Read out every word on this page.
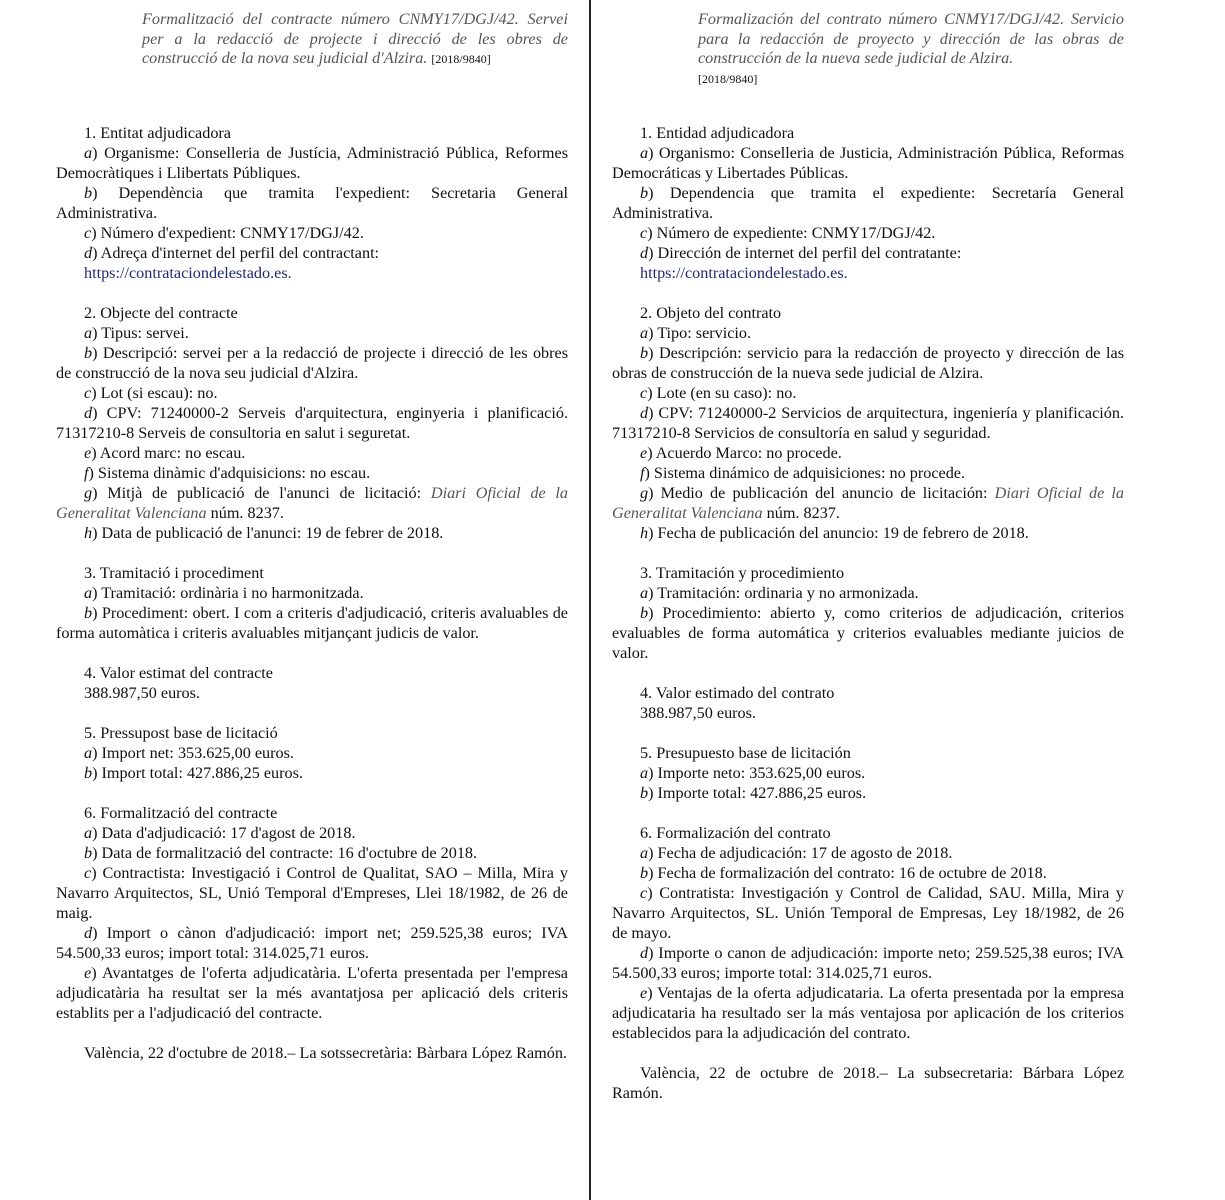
Formalització del contracte número CNMY17/DGJ/42. Servei per a la redacció de projecte i direcció de les obres de construcció de la nova seu judicial d'Alzira. [2018/9840]

1. Entitat adjudicadora

a) Organisme: Conselleria de Justícia, Administració Pública, Reformes Democràtiques i Llibertats Públiques.

b) Dependència que tramita l'expedient: Secretaria General Administrativa.

c) Número d'expedient: CNMY17/DGJ/42.

d) Adreça d'internet del perfil del contractant:

https://contrataciondelestado.es.

2. Objecte del contracte

a) Tipus: servei.

b) Descripció: servei per a la redacció de projecte i direcció de les obres de construcció de la nova seu judicial d'Alzira.

c) Lot (si escau): no.

d) CPV: 71240000-2 Serveis d'arquitectura, enginyeria i planificació. 71317210-8 Serveis de consultoria en salut i seguretat.

e) Acord marc: no escau.

f) Sistema dinàmic d'adquisicions: no escau.

g) Mitjà de publicació de l'anunci de licitació: Diari Oficial de la Generalitat Valenciana núm. 8237.

h) Data de publicació de l'anunci: 19 de febrer de 2018.

3. Tramitació i procediment

a) Tramitació: ordinària i no harmonitzada.

b) Procediment: obert. I com a criteris d'adjudicació, criteris avaluables de forma automàtica i criteris avaluables mitjançant judicis de valor.

4. Valor estimat del contracte

388.987,50 euros.

5. Pressupost base de licitació

a) Import net: 353.625,00 euros.

b) Import total: 427.886,25 euros.

6. Formalització del contracte

a) Data d'adjudicació: 17 d'agost de 2018.

b) Data de formalització del contracte: 16 d'octubre de 2018.

c) Contractista: Investigació i Control de Qualitat, SAO – Milla, Mira y Navarro Arquitectos, SL, Unió Temporal d'Empreses, Llei 18/1982, de 26 de maig.

d) Import o cànon d'adjudicació: import net; 259.525,38 euros; IVA 54.500,33 euros; import total: 314.025,71 euros.

e) Avantatges de l'oferta adjudicatària. L'oferta presentada per l'empresa adjudicatària ha resultat ser la més avantatjosa per aplicació dels criteris establits per a l'adjudicació del contracte.

València, 22 d'octubre de 2018.– La sotssecretària: Bàrbara López Ramón.

Formalización del contrato número CNMY17/DGJ/42. Servicio para la redacción de proyecto y dirección de las obras de construcción de la nueva sede judicial de Alzira.
[2018/9840]

1. Entidad adjudicadora

a) Organismo: Conselleria de Justicia, Administración Pública, Reformas Democráticas y Libertades Públicas.

b) Dependencia que tramita el expediente: Secretaría General Administrativa.

c) Número de expediente: CNMY17/DGJ/42.

d) Dirección de internet del perfil del contratante:

https://contrataciondelestado.es.

2. Objeto del contrato

a) Tipo: servicio.

b) Descripción: servicio para la redacción de proyecto y dirección de las obras de construcción de la nueva sede judicial de Alzira.

c) Lote (en su caso): no.

d) CPV: 71240000-2 Servicios de arquitectura, ingeniería y planificación. 71317210-8 Servicios de consultoría en salud y seguridad.

e) Acuerdo Marco: no procede.

f) Sistema dinámico de adquisiciones: no procede.

g) Medio de publicación del anuncio de licitación: Diari Oficial de la Generalitat Valenciana núm. 8237.

h) Fecha de publicación del anuncio: 19 de febrero de 2018.

3. Tramitación y procedimiento

a) Tramitación: ordinaria y no armonizada.

b) Procedimiento: abierto y, como criterios de adjudicación, criterios evaluables de forma automática y criterios evaluables mediante juicios de valor.

4. Valor estimado del contrato

388.987,50 euros.

5. Presupuesto base de licitación

a) Importe neto: 353.625,00 euros.

b) Importe total: 427.886,25 euros.

6. Formalización del contrato

a) Fecha de adjudicación: 17 de agosto de 2018.

b) Fecha de formalización del contrato: 16 de octubre de 2018.

c) Contratista: Investigación y Control de Calidad, SAU. Milla, Mira y Navarro Arquitectos, SL. Unión Temporal de Empresas, Ley 18/1982, de 26 de mayo.

d) Importe o canon de adjudicación: importe neto; 259.525,38 euros; IVA 54.500,33 euros; importe total: 314.025,71 euros.

e) Ventajas de la oferta adjudicataria. La oferta presentada por la empresa adjudicataria ha resultado ser la más ventajosa por aplicación de los criterios establecidos para la adjudicación del contrato.

València, 22 de octubre de 2018.– La subsecretaria: Bárbara López Ramón.
